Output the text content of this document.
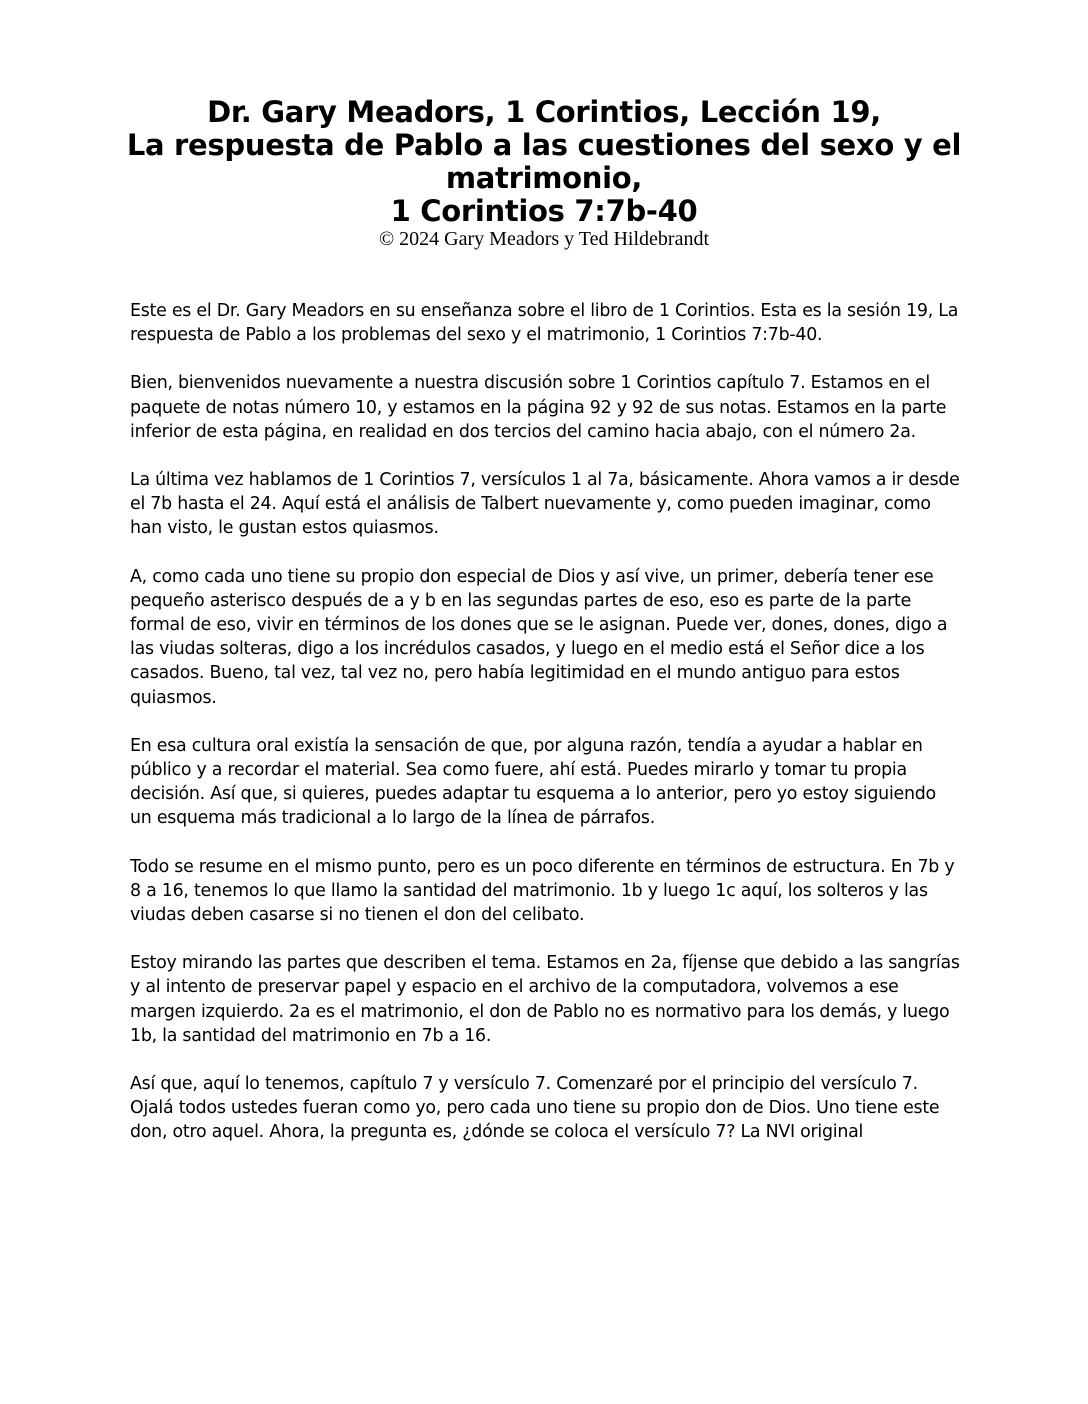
Dr. Gary Meadors, 1 Corintios, Lección 19,
La respuesta de Pablo a las cuestiones del sexo y el
matrimonio,
1 Corintios 7:7b-40
© 2024 Gary Meadors y Ted Hildebrandt

Este es el Dr. Gary Meadors en su enseñanza sobre el libro de 1 Corintios. Esta es la sesión 19, La respuesta de Pablo a los problemas del sexo y el matrimonio, 1 Corintios 7:7b-40.

Bien, bienvenidos nuevamente a nuestra discusión sobre 1 Corintios capítulo 7. Estamos en el paquete de notas número 10, y estamos en la página 92 y 92 de sus notas. Estamos en la parte inferior de esta página, en realidad en dos tercios del camino hacia abajo, con el número 2a.

La última vez hablamos de 1 Corintios 7, versículos 1 al 7a, básicamente. Ahora vamos a ir desde el 7b hasta el 24. Aquí está el análisis de Talbert nuevamente y, como pueden imaginar, como han visto, le gustan estos quiasmos.

A, como cada uno tiene su propio don especial de Dios y así vive, un primer, debería tener ese pequeño asterisco después de a y b en las segundas partes de eso, eso es parte de la parte formal de eso, vivir en términos de los dones que se le asignan. Puede ver, dones, dones, digo a las viudas solteras, digo a los incrédulos casados, y luego en el medio está el Señor dice a los casados. Bueno, tal vez, tal vez no, pero había legitimidad en el mundo antiguo para estos quiasmos.

En esa cultura oral existía la sensación de que, por alguna razón, tendía a ayudar a hablar en público y a recordar el material. Sea como fuere, ahí está. Puedes mirarlo y tomar tu propia decisión. Así que, si quieres, puedes adaptar tu esquema a lo anterior, pero yo estoy siguiendo un esquema más tradicional a lo largo de la línea de párrafos.

Todo se resume en el mismo punto, pero es un poco diferente en términos de estructura. En 7b y 8 a 16, tenemos lo que llamo la santidad del matrimonio. 1b y luego 1c aquí, los solteros y las viudas deben casarse si no tienen el don del celibato.

Estoy mirando las partes que describen el tema. Estamos en 2a, fíjense que debido a las sangrías y al intento de preservar papel y espacio en el archivo de la computadora, volvemos a ese margen izquierdo. 2a es el matrimonio, el don de Pablo no es normativo para los demás, y luego 1b, la santidad del matrimonio en 7b a 16.

Así que, aquí lo tenemos, capítulo 7 y versículo 7. Comenzaré por el principio del versículo 7. Ojalá todos ustedes fueran como yo, pero cada uno tiene su propio don de Dios. Uno tiene este don, otro aquel. Ahora, la pregunta es, ¿dónde se coloca el versículo 7? La NVI original
